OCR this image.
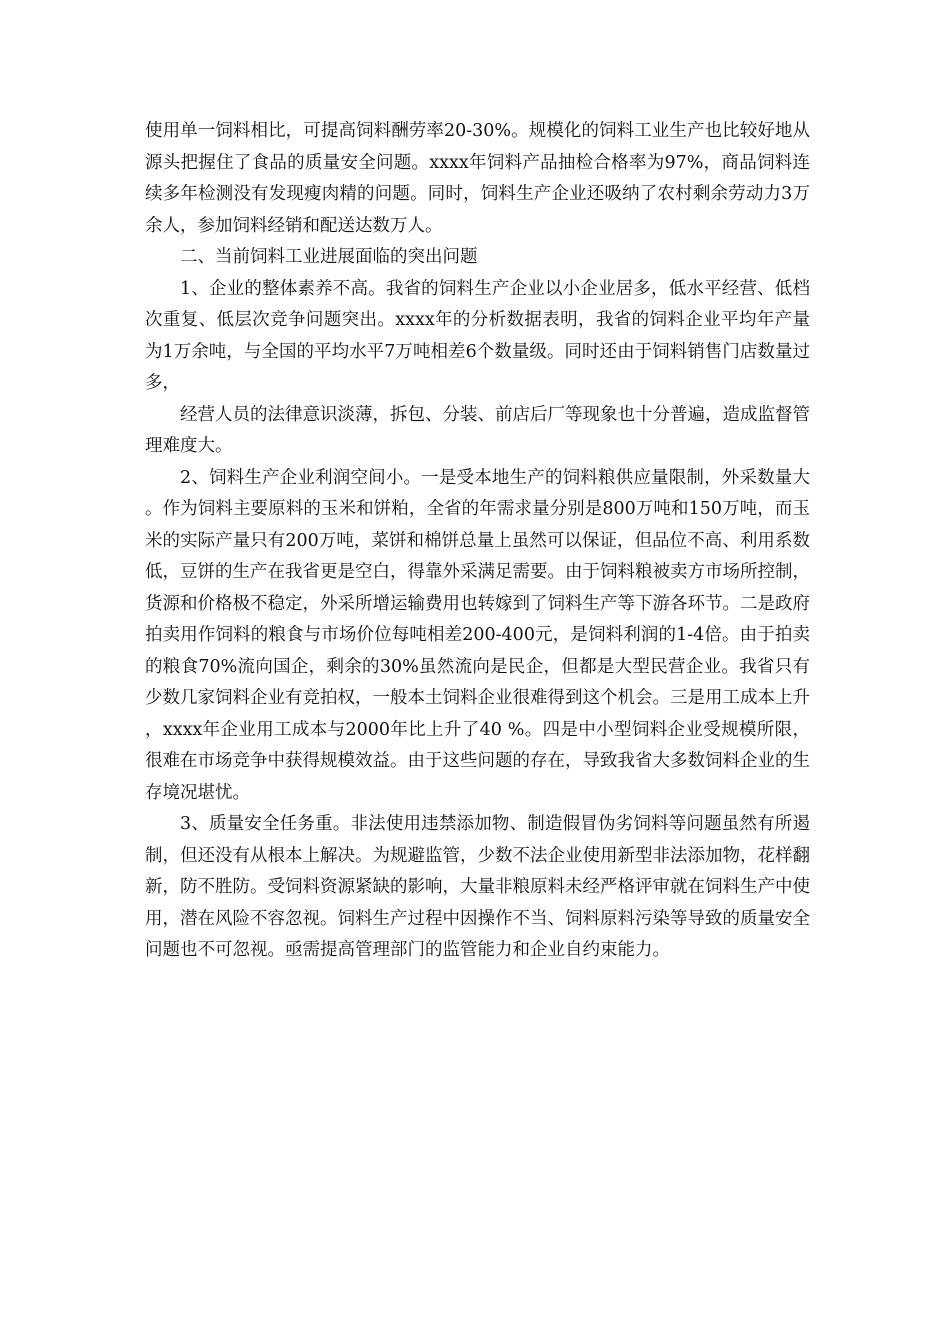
使用单一饲料相比，可提高饲料酬劳率20-30%。规模化的饲料工业生产也比较好地从源头把握住了食品的质量安全问题。xxxx年饲料产品抽检合格率为97%，商品饲料连续多年检测没有发现瘦肉精的问题。同时，饲料生产企业还吸纳了农村剩余劳动力3万余人，参加饲料经销和配送达数万人。

二、当前饲料工业进展面临的突出问题

1、企业的整体素养不高。我省的饲料生产企业以小企业居多，低水平经营、低档次重复、低层次竞争问题突出。xxxx年的分析数据表明，我省的饲料企业平均年产量为1万余吨，与全国的平均水平7万吨相差6个数量级。同时还由于饲料销售门店数量过多，

经营人员的法律意识淡薄，拆包、分装、前店后厂等现象也十分普遍，造成监督管理难度大。

2、饲料生产企业利润空间小。一是受本地生产的饲料粮供应量限制，外采数量大。作为饲料主要原料的玉米和饼粕，全省的年需求量分别是800万吨和150万吨，而玉米的实际产量只有200万吨，菜饼和棉饼总量上虽然可以保证，但品位不高、利用系数低，豆饼的生产在我省更是空白，得靠外采满足需要。由于饲料粮被卖方市场所控制，货源和价格极不稳定，外采所增运输费用也转嫁到了饲料生产等下游各环节。二是政府拍卖用作饲料的粮食与市场价位每吨相差200-400元，是饲料利润的1-4倍。由于拍卖的粮食70%流向国企，剩余的30%虽然流向是民企，但都是大型民营企业。我省只有少数几家饲料企业有竞拍权，一般本土饲料企业很难得到这个机会。三是用工成本上升，xxxx年企业用工成本与2000年比上升了40 %。四是中小型饲料企业受规模所限，很难在市场竞争中获得规模效益。由于这些问题的存在，导致我省大多数饲料企业的生存境况堪忧。

3、质量安全任务重。非法使用违禁添加物、制造假冒伪劣饲料等问题虽然有所遏制，但还没有从根本上解决。为规避监管，少数不法企业使用新型非法添加物，花样翻新，防不胜防。受饲料资源紧缺的影响，大量非粮原料未经严格评审就在饲料生产中使用，潜在风险不容忽视。饲料生产过程中因操作不当、饲料原料污染等导致的质量安全问题也不可忽视。亟需提高管理部门的监管能力和企业自约束能力。
